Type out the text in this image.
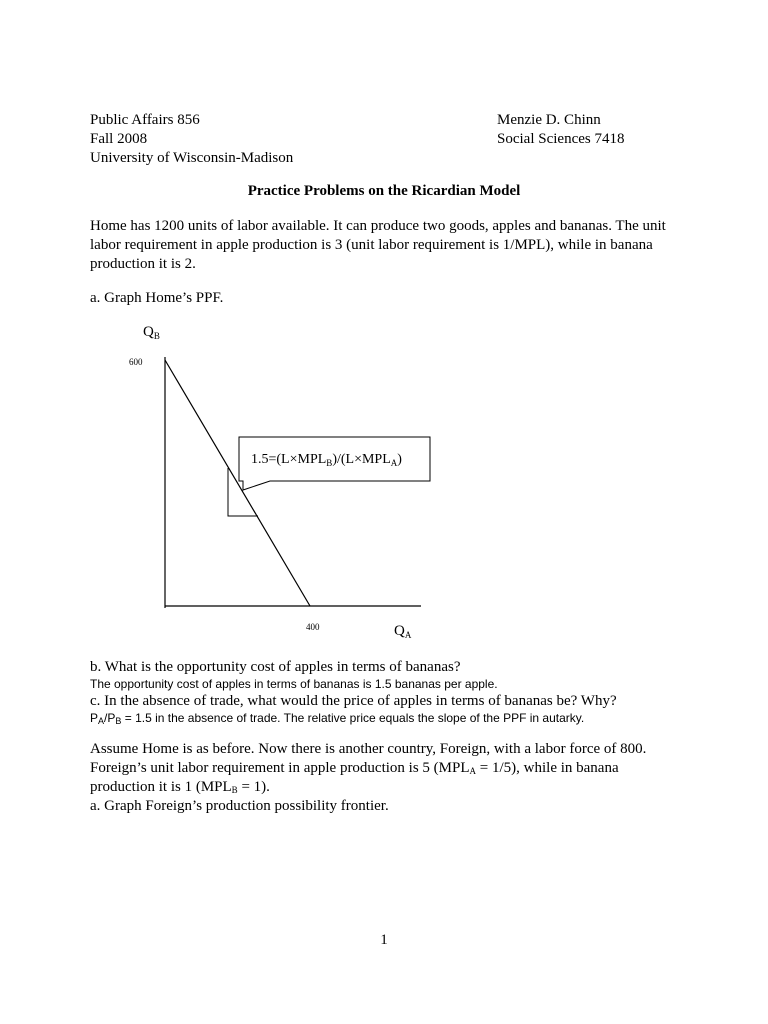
Public Affairs 856
Fall 2008
University of Wisconsin-Madison
Menzie D. Chinn
Social Sciences 7418
Practice Problems on the Ricardian Model
Home has 1200 units of labor available. It can produce two goods, apples and bananas. The unit
labor requirement in apple production is 3 (unit labor requirement is 1/MPL), while in banana
production it is 2.
a. Graph Home’s PPF.
$Q_B$
600
$1.5=(L\times MPL_B)/(L\times MPL_A)$
400	$Q_A$
b. What is the opportunity cost of apples in terms of bananas?
The opportunity cost of apples in terms of bananas is 1.5 bananas per apple.
c. In the absence of trade, what would the price of apples in terms of bananas be? Why?
$P_A/P_B = 1.5$ in the absence of trade. The relative price equals the slope of the PPF in autarky.
Assume Home is as before. Now there is another country, Foreign, with a labor force of 800.
Foreign’s unit labor requirement in apple production is 5 $(MPL_A = 1/5)$, while in banana
production it is 1 $(MPL_B = 1)$.
a. Graph Foreign’s production possibility frontier.
1
